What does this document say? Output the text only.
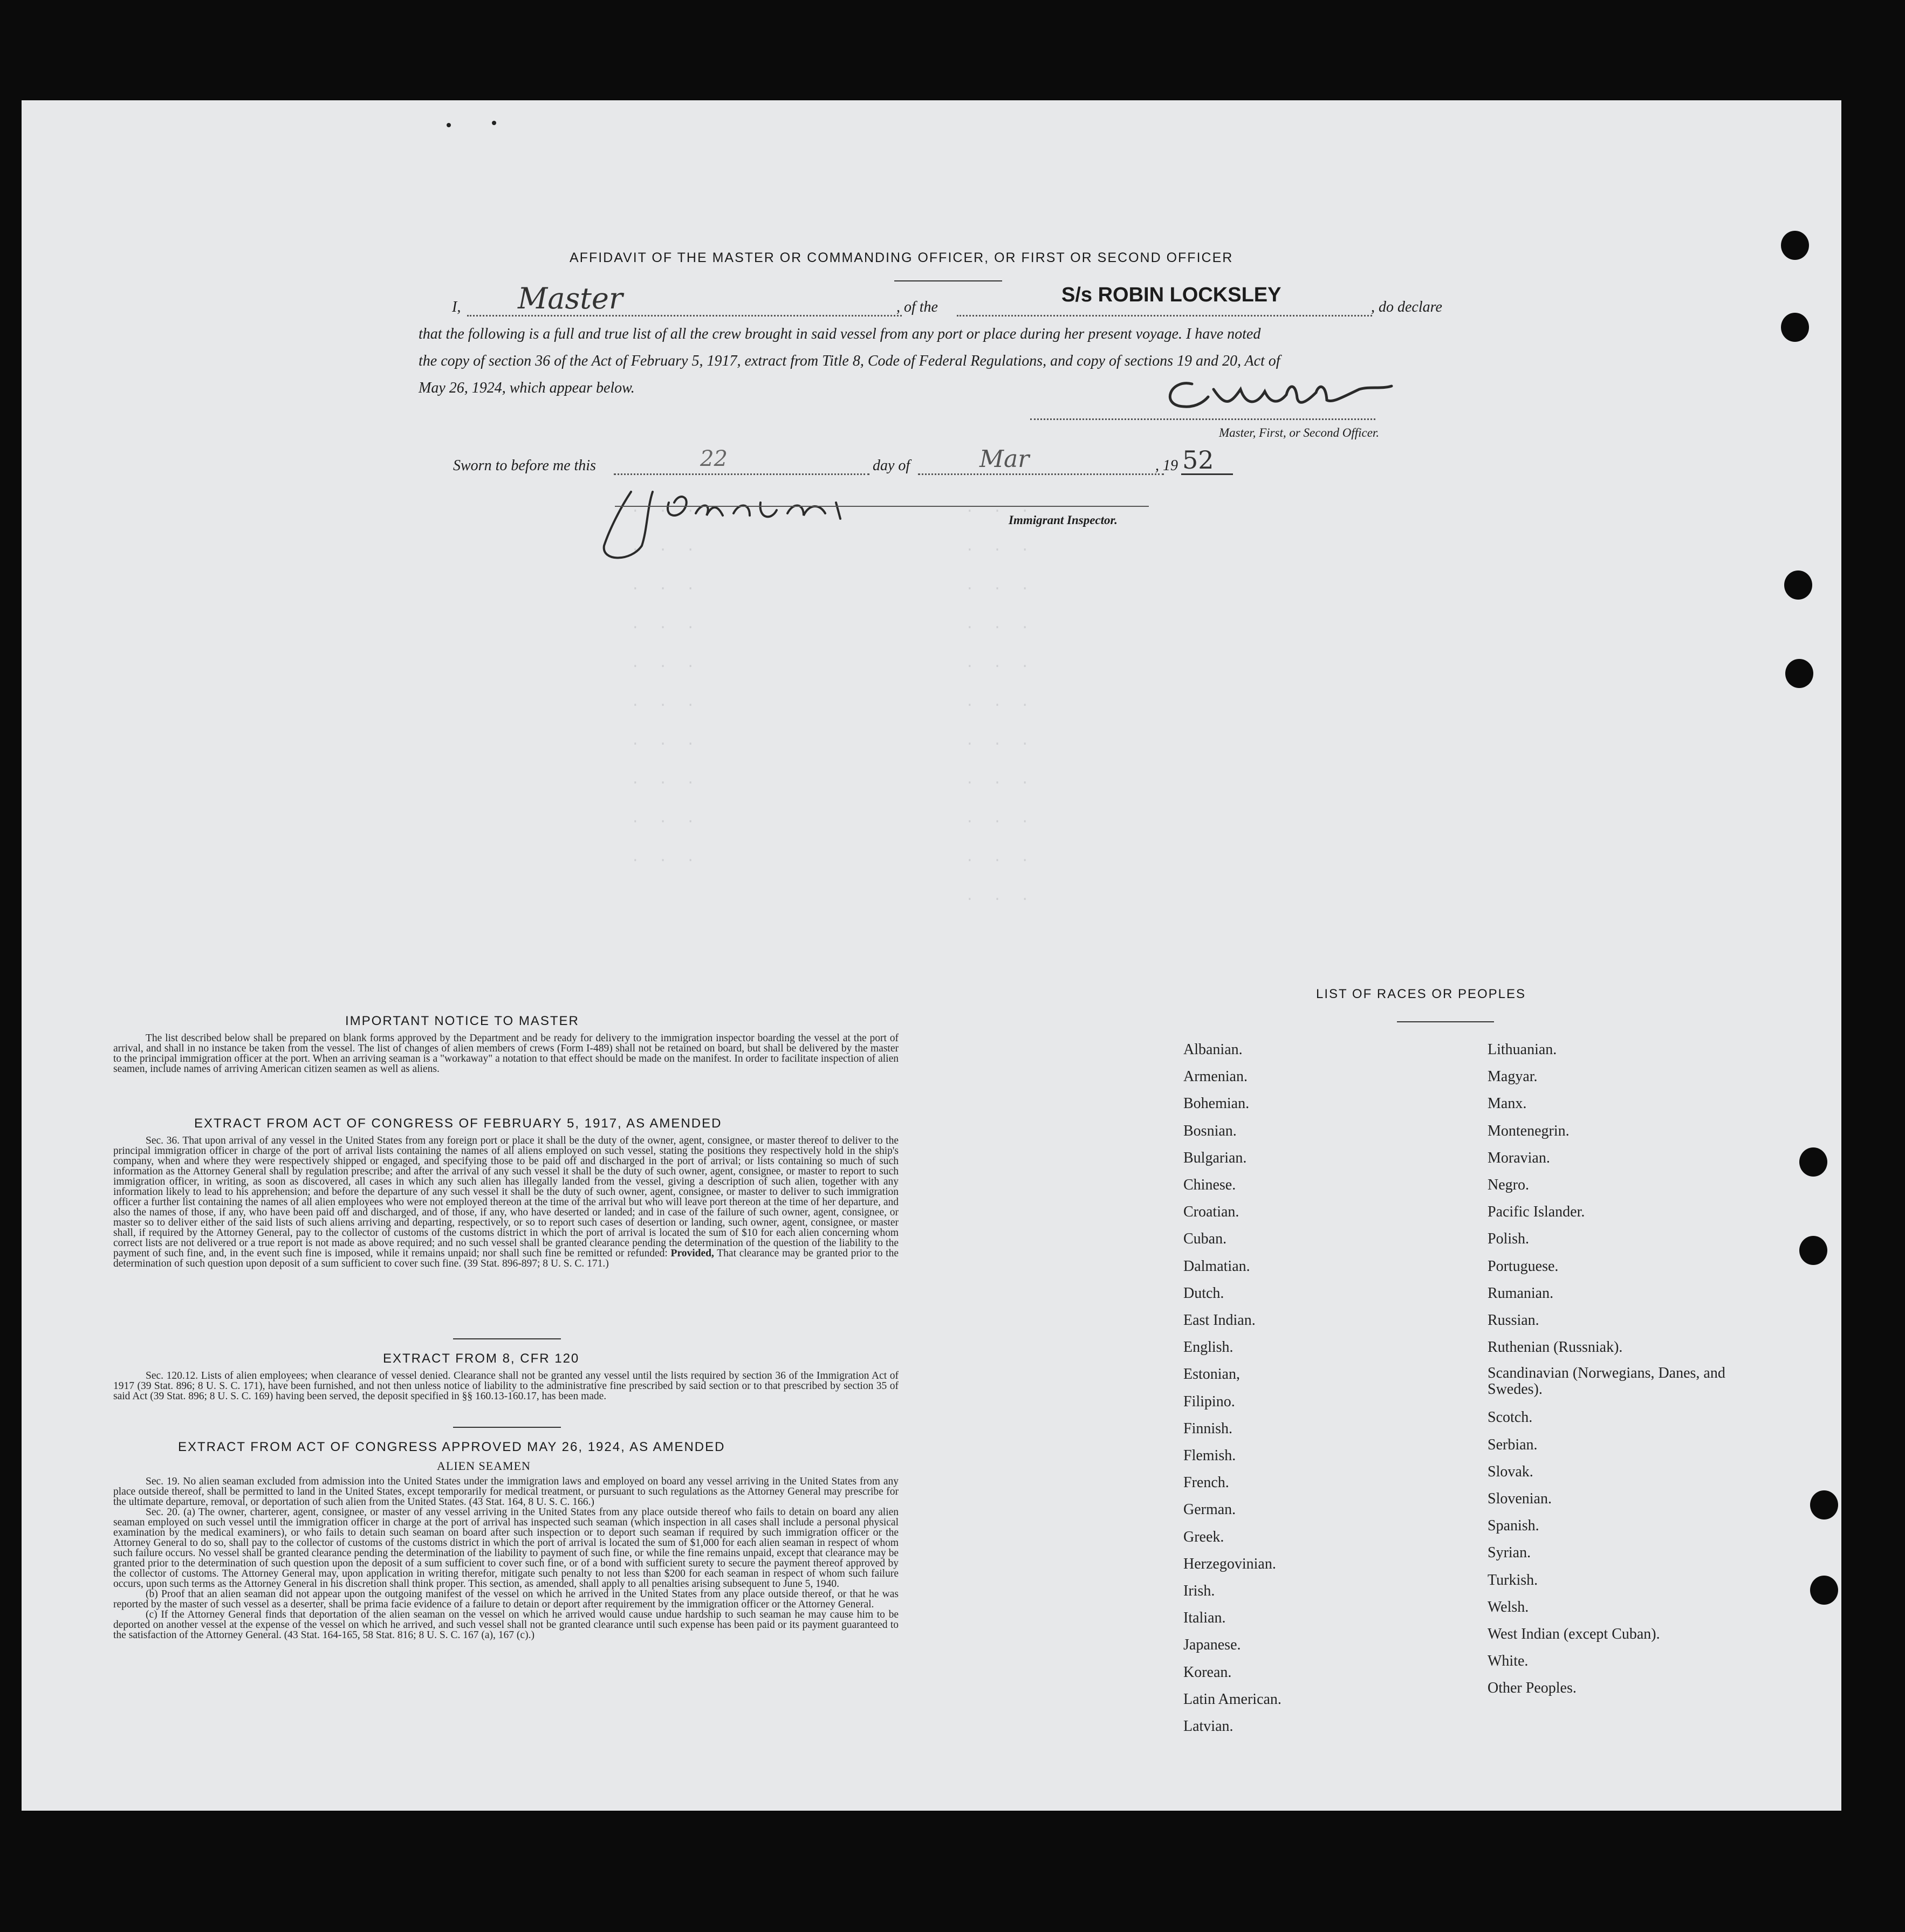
. . .
. . .
. . .
. . .
. . .
. . .
. . .
. . .
. . .
. . .
. . .
. . .
. . .
. . .
. . .
. . .
. . .
. . .
. . .
. . .
. . .
AFFIDAVIT OF THE MASTER OR COMMANDING OFFICER, OR FIRST OR SECOND OFFICER
I, Master	, of the
S/s ROBIN LOCKSLEY
, do declare
that the following is a full and true list of all the crew brought in said vessel from any port or place during her present voyage. I have noted
the copy of section 36 of the Act of February 5, 1917, extract from Title 8, Code of Federal Regulations, and copy of sections 19 and 20, Act of
May 26, 1924, which appear below.
Master, First, or Second Officer.
Sworn to before me this	22	day of	Mar	, 19 52
Immigrant Inspector.
IMPORTANT NOTICE TO MASTER

The list described below shall be prepared on blank forms approved by the Department and be ready for delivery to the immigration inspector boarding the vessel at the port of arrival, and shall in no instance be taken from the vessel. The list of changes of alien members of crews (Form I-489) shall not be retained on board, but shall be delivered by the master to the principal immigration officer at the port. When an arriving seaman is a "workaway" a notation to that effect should be made on the manifest. In order to facilitate inspection of alien seamen, include names of arriving American citizen seamen as well as aliens.

EXTRACT FROM ACT OF CONGRESS OF FEBRUARY 5, 1917, AS AMENDED

Sec. 36. That upon arrival of any vessel in the United States from any foreign port or place it shall be the duty of the owner, agent, consignee, or master thereof to deliver to the principal immigration officer in charge of the port of arrival lists containing the names of all aliens employed on such vessel, stating the positions they respectively hold in the ship's company, when and where they were respectively shipped or engaged, and specifying those to be paid off and discharged in the port of arrival; or lists containing so much of such information as the Attorney General shall by regulation prescribe; and after the arrival of any such vessel it shall be the duty of such owner, agent, consignee, or master to report to such immigration officer, in writing, as soon as discovered, all cases in which any such alien has illegally landed from the vessel, giving a description of such alien, together with any information likely to lead to his apprehension; and before the departure of any such vessel it shall be the duty of such owner, agent, consignee, or master to deliver to such immigration officer a further list containing the names of all alien employees who were not employed thereon at the time of the arrival but who will leave port thereon at the time of her departure, and also the names of those, if any, who have been paid off and discharged, and of those, if any, who have deserted or landed; and in case of the failure of such owner, agent, consignee, or master so to deliver either of the said lists of such aliens arriving and departing, respectively, or so to report such cases of desertion or landing, such owner, agent, consignee, or master shall, if required by the Attorney General, pay to the collector of customs of the customs district in which the port of arrival is located the sum of $10 for each alien concerning whom correct lists are not delivered or a true report is not made as above required; and no such vessel shall be granted clearance pending the determination of the question of the liability to the payment of such fine, and, in the event such fine is imposed, while it remains unpaid; nor shall such fine be remitted or refunded: Provided, That clearance may be granted prior to the determination of such question upon deposit of a sum sufficient to cover such fine. (39 Stat. 896-897; 8 U. S. C. 171.)

EXTRACT FROM 8, CFR 120

Sec. 120.12. Lists of alien employees; when clearance of vessel denied. Clearance shall not be granted any vessel until the lists required by section 36 of the Immigration Act of 1917 (39 Stat. 896; 8 U. S. C. 171), have been furnished, and not then unless notice of liability to the administrative fine prescribed by said section or to that prescribed by section 35 of said Act (39 Stat. 896; 8 U. S. C. 169) having been served, the deposit specified in §§ 160.13-160.17, has been made.

EXTRACT FROM ACT OF CONGRESS APPROVED MAY 26, 1924, AS AMENDED
ALIEN SEAMEN

Sec. 19. No alien seaman excluded from admission into the United States under the immigration laws and employed on board any vessel arriving in the United States from any place outside thereof, shall be permitted to land in the United States, except temporarily for medical treatment, or pursuant to such regulations as the Attorney General may prescribe for the ultimate departure, removal, or deportation of such alien from the United States. (43 Stat. 164, 8 U. S. C. 166.)

Sec. 20. (a) The owner, charterer, agent, consignee, or master of any vessel arriving in the United States from any place outside thereof who fails to detain on board any alien seaman employed on such vessel until the immigration officer in charge at the port of arrival has inspected such seaman (which inspection in all cases shall include a personal physical examination by the medical examiners), or who fails to detain such seaman on board after such inspection or to deport such seaman if required by such immigration officer or the Attorney General to do so, shall pay to the collector of customs of the customs district in which the port of arrival is located the sum of $1,000 for each alien seaman in respect of whom such failure occurs. No vessel shall be granted clearance pending the determination of the liability to payment of such fine, or while the fine remains unpaid, except that clearance may be granted prior to the determination of such question upon the deposit of a sum sufficient to cover such fine, or of a bond with sufficient surety to secure the payment thereof approved by the collector of customs. The Attorney General may, upon application in writing therefor, mitigate such penalty to not less than $200 for each seaman in respect of whom such failure occurs, upon such terms as the Attorney General in his discretion shall think proper. This section, as amended, shall apply to all penalties arising subsequent to June 5, 1940.

(b) Proof that an alien seaman did not appear upon the outgoing manifest of the vessel on which he arrived in the United States from any place outside thereof, or that he was reported by the master of such vessel as a deserter, shall be prima facie evidence of a failure to detain or deport after requirement by the immigration officer or the Attorney General.

(c) If the Attorney General finds that deportation of the alien seaman on the vessel on which he arrived would cause undue hardship to such seaman he may cause him to be deported on another vessel at the expense of the vessel on which he arrived, and such vessel shall not be granted clearance until such expense has been paid or its payment guaranteed to the satisfaction of the Attorney General. (43 Stat. 164-165, 58 Stat. 816; 8 U. S. C. 167 (a), 167 (c).)

LIST OF RACES OR PEOPLES
Albanian.
Armenian.
Bohemian.
Bosnian.
Bulgarian.
Chinese.
Croatian.
Cuban.
Dalmatian.
Dutch.
East Indian.
English.
Estonian,
Filipino.
Finnish.
Flemish.
French.
German.
Greek.
Herzegovinian.
Irish.
Italian.
Japanese.
Korean.
Latin American.
Latvian.
Lithuanian.
Magyar.
Manx.
Montenegrin.
Moravian.
Negro.
Pacific Islander.
Polish.
Portuguese.
Rumanian.
Russian.
Ruthenian (Russniak).
Scandinavian (Norwegians, Danes, and Swedes).
Scotch.
Serbian.
Slovak.
Slovenian.
Spanish.
Syrian.
Turkish.
Welsh.
West Indian (except Cuban).
White.
Other Peoples.
